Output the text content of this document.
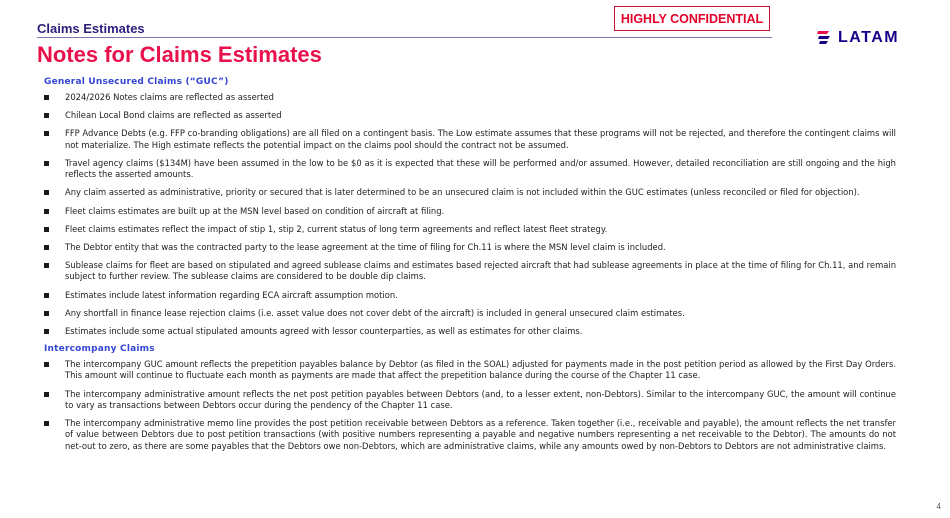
Claims Estimates
HIGHLY CONFIDENTIAL
LATAM
Notes for Claims Estimates
General Unsecured Claims (“GUC”)
2024/2026 Notes claims are reflected as asserted
Chilean Local Bond claims are reflected as asserted
FFP Advance Debts (e.g. FFP co-branding obligations) are all filed on a contingent basis. The Low estimate assumes that these programs will not be rejected, and therefore the contingent claims will not materialize. The High estimate reflects the potential impact on the claims pool should the contract not be assumed.
Travel agency claims ($134M) have been assumed in the low to be $0 as it is expected that these will be performed and/or assumed. However, detailed reconciliation are still ongoing and the high reflects the asserted amounts.
Any claim asserted as administrative, priority or secured that is later determined to be an unsecured claim is not included within the GUC estimates (unless reconciled or filed for objection).
Fleet claims estimates are built up at the MSN level based on condition of aircraft at filing.
Fleet claims estimates reflect the impact of stip 1, stip 2, current status of long term agreements and reflect latest fleet strategy.
The Debtor entity that was the contracted party to the lease agreement at the time of filing for Ch.11 is where the MSN level claim is included.
Sublease claims for fleet are based on stipulated and agreed sublease claims and estimates based rejected aircraft that had sublease agreements in place at the time of filing for Ch.11, and remain subject to further review. The sublease claims are considered to be double dip claims.
Estimates include latest information regarding ECA aircraft assumption motion.
Any shortfall in finance lease rejection claims (i.e. asset value does not cover debt of the aircraft) is included in general unsecured claim estimates.
Estimates include some actual stipulated amounts agreed with lessor counterparties, as well as estimates for other claims.
Intercompany Claims
The intercompany GUC amount reflects the prepetition payables balance by Debtor (as filed in the SOAL) adjusted for payments made in the post petition period as allowed by the First Day Orders. This amount will continue to fluctuate each month as payments are made that affect the prepetition balance during the course of the Chapter 11 case.
The intercompany administrative amount reflects the net post petition payables between Debtors (and, to a lesser extent, non-Debtors). Similar to the intercompany GUC, the amount will continue to vary as transactions between Debtors occur during the pendency of the Chapter 11 case.
The intercompany administrative memo line provides the post petition receivable between Debtors as a reference. Taken together (i.e., receivable and payable), the amount reflects the net transfer of value between Debtors due to post petition transactions (with positive numbers representing a payable and negative numbers representing a net receivable to the Debtor). The amounts do not net-out to zero, as there are some payables that the Debtors owe non-Debtors, which are administrative claims, while any amounts owed by non-Debtors to Debtors are not administrative claims.
4
